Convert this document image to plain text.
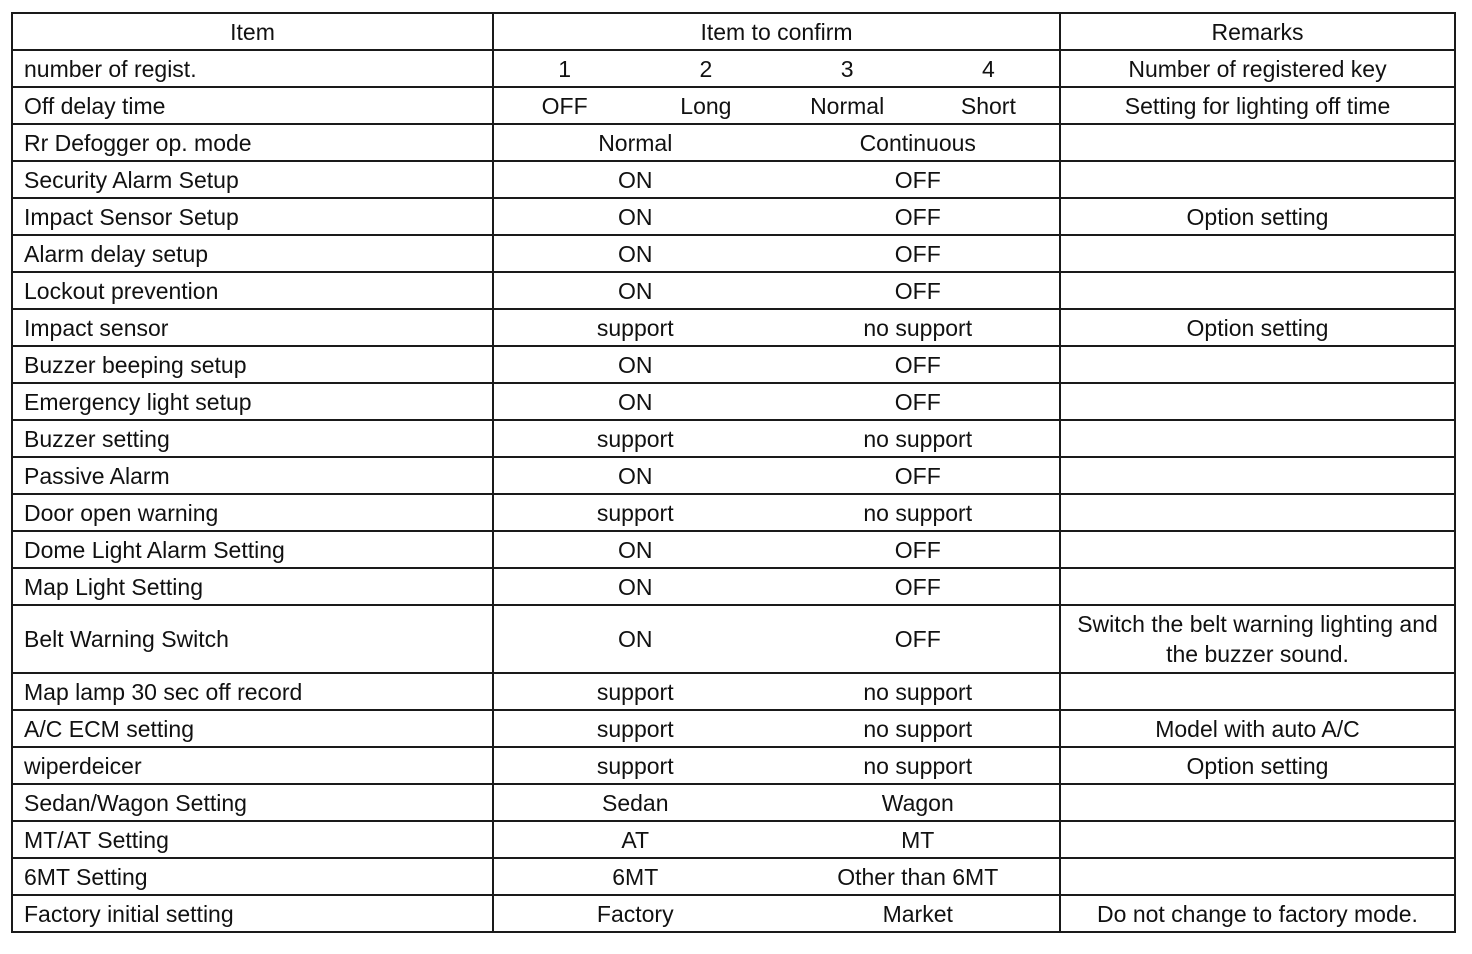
Item	Item to confirm	Remarks
number of regist.	1 2 3 4	Number of registered key
Off delay time	OFF Long Normal Short	Setting for lighting off time
Rr Defogger op. mode	Normal Continuous	

Security Alarm Setup	ON OFF	

Impact Sensor Setup	ON OFF	Option setting
Alarm delay setup	ON OFF	

Lockout prevention	ON OFF	

Impact sensor	support no support	Option setting
Buzzer beeping setup	ON OFF	

Emergency light setup	ON OFF	

Buzzer setting	support no support	

Passive Alarm	ON OFF	

Door open warning	support no support	

Dome Light Alarm Setting	ON OFF	

Map Light Setting	ON OFF	

Belt Warning Switch	ON OFF	Switch the belt warning lighting and the buzzer sound.
Map lamp 30 sec off record	support no support	

A/C ECM setting	support no support	Model with auto A/C
wiperdeicer	support no support	Option setting
Sedan/Wagon Setting	Sedan Wagon	

MT/AT Setting	AT MT	

6MT Setting	6MT Other than 6MT	

Factory initial setting	Factory Market	Do not change to factory mode.
